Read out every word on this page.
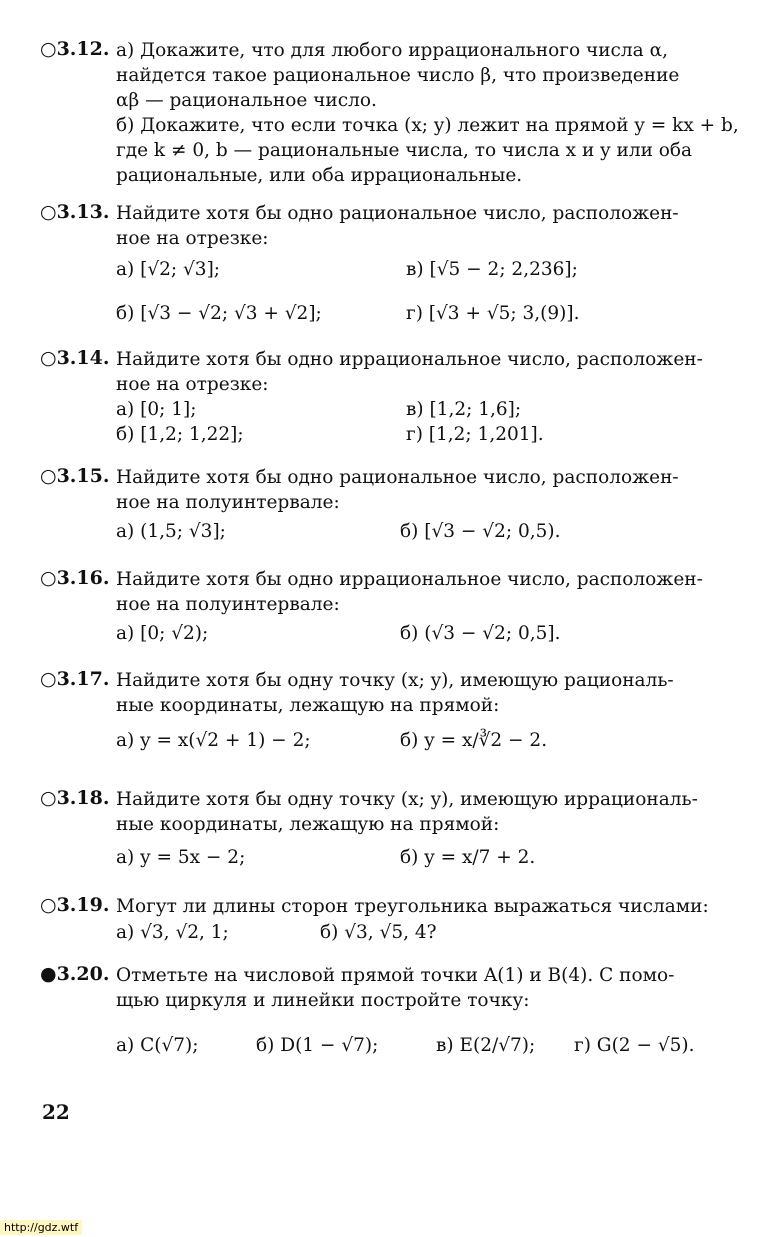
○3.12. а) Докажите, что для любого иррационального числа α,
найдется такое рациональное число β, что произведение
αβ — рациональное число.
б) Докажите, что если точка (x; y) лежит на прямой y = kx + b,
где k ≠ 0, b — рациональные числа, то числа x и y или оба
рациональные, или оба иррациональные.
○3.13. Найдите хотя бы одно рациональное число, расположен-
ное на отрезке:
а) [√2; √3];	в) [√5 − 2; 2,236];
б) [√3 − √2; √3 + √2];	г) [√3 + √5; 3,(9)].
○3.14. Найдите хотя бы одно иррациональное число, расположен-
ное на отрезке:
а) [0; 1];	в) [1,2; 1,6];
б) [1,2; 1,22];	г) [1,2; 1,201].
○3.15. Найдите хотя бы одно рациональное число, расположен-
ное на полуинтервале:
а) (1,5; √3];	б) [√3 − √2; 0,5).
○3.16. Найдите хотя бы одно иррациональное число, расположен-
ное на полуинтервале:
а) [0; √2);	б) (√3 − √2; 0,5].
○3.17. Найдите хотя бы одну точку (x; y), имеющую рациональ-
ные координаты, лежащую на прямой:
а) y = x(√2 + 1) − 2;	б) y = x/∛2 − 2.
○3.18. Найдите хотя бы одну точку (x; y), имеющую иррациональ-
ные координаты, лежащую на прямой:
а) y = 5x − 2;	б) y = x/7 + 2.
○3.19. Могут ли длины сторон треугольника выражаться числами:
а) √3, √2, 1;	б) √3, √5, 4?
●3.20. Отметьте на числовой прямой точки A(1) и B(4). С помо-
щью циркуля и линейки постройте точку:
а) C(√7);	б) D(1 − √7);	в) E(2/√7); г) G(2 − √5).
22
http://gdz.wtf
